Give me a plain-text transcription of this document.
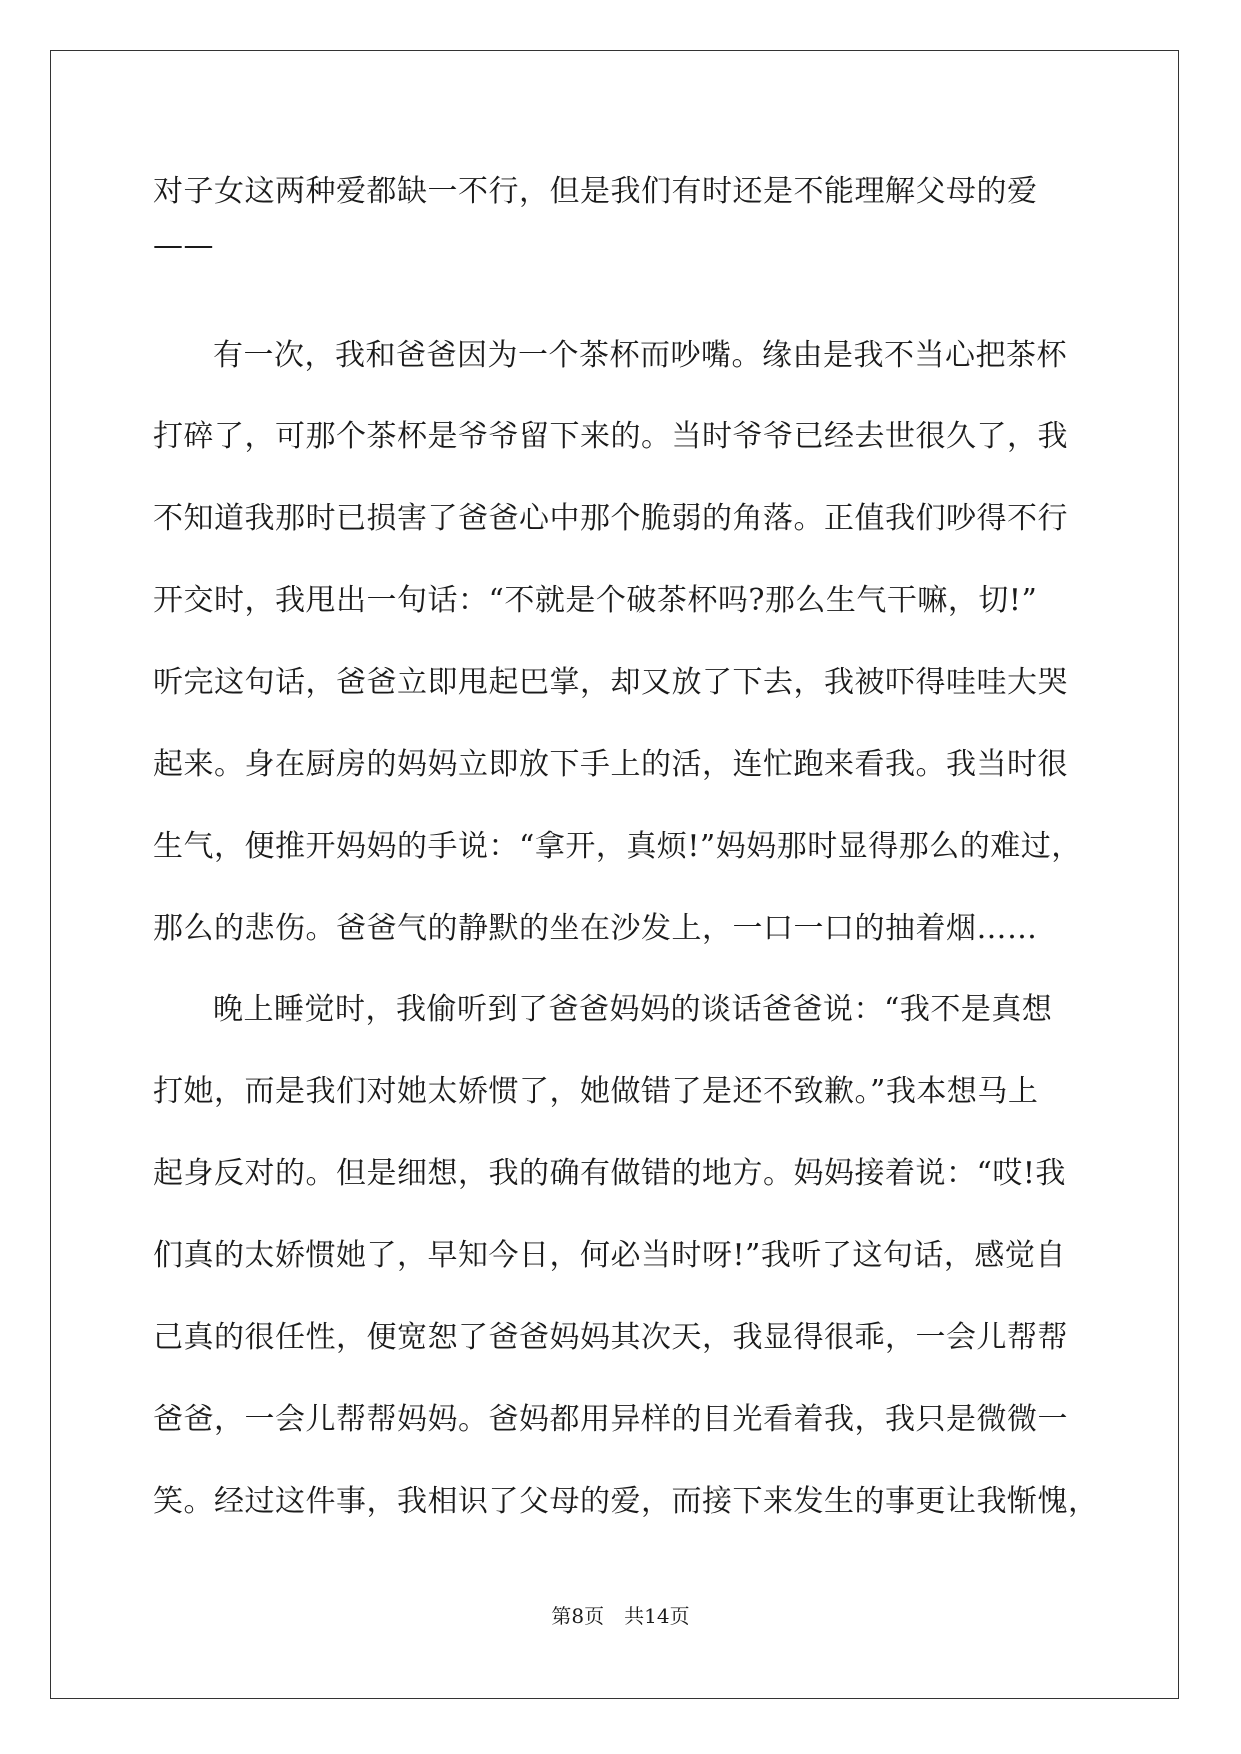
对子女这两种爱都缺一不行，但是我们有时还是不能理解父母的爱
——
有一次，我和爸爸因为一个茶杯而吵嘴。缘由是我不当心把茶杯
打碎了，可那个茶杯是爷爷留下来的。当时爷爷已经去世很久了，我
不知道我那时已损害了爸爸心中那个脆弱的角落。正值我们吵得不行
开交时，我甩出一句话：“不就是个破茶杯吗?那么生气干嘛，切!”
听完这句话，爸爸立即甩起巴掌，却又放了下去，我被吓得哇哇大哭
起来。身在厨房的妈妈立即放下手上的活，连忙跑来看我。我当时很
生气，便推开妈妈的手说：“拿开，真烦!”妈妈那时显得那么的难过，
那么的悲伤。爸爸气的静默的坐在沙发上，一口一口的抽着烟……
晚上睡觉时，我偷听到了爸爸妈妈的谈话爸爸说：“我不是真想
打她，而是我们对她太娇惯了，她做错了是还不致歉。”我本想马上
起身反对的。但是细想，我的确有做错的地方。妈妈接着说：“哎!我
们真的太娇惯她了，早知今日，何必当时呀!”我听了这句话，感觉自
己真的很任性，便宽恕了爸爸妈妈其次天，我显得很乖，一会儿帮帮
爸爸，一会儿帮帮妈妈。爸妈都用异样的目光看着我，我只是微微一
笑。经过这件事，我相识了父母的爱，而接下来发生的事更让我惭愧，
第8页　共14页
